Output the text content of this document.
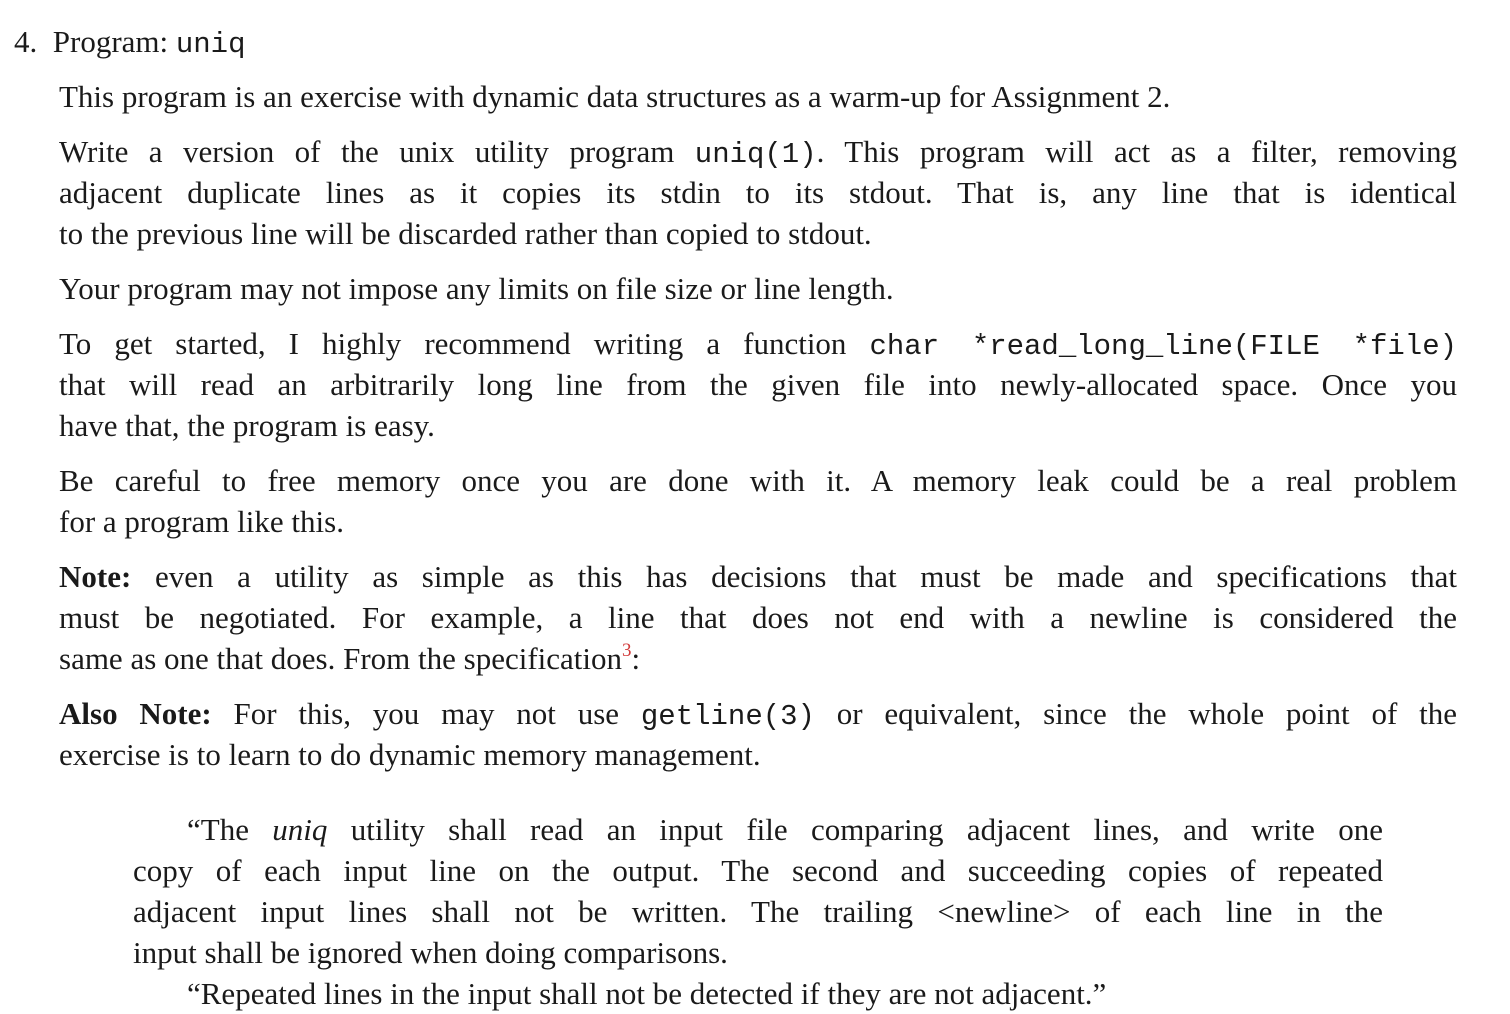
4. Program: uniq
This program is an exercise with dynamic data structures as a warm-up for Assignment 2.
Write a version of the unix utility program uniq(1). This program will act as a filter, removing
adjacent duplicate lines as it copies its stdin to its stdout. That is, any line that is identical
to the previous line will be discarded rather than copied to stdout.
Your program may not impose any limits on file size or line length.
To get started, I highly recommend writing a function char *read_long_line(FILE *file)
that will read an arbitrarily long line from the given file into newly-allocated space. Once you
have that, the program is easy.
Be careful to free memory once you are done with it. A memory leak could be a real problem
for a program like this.
Note: even a utility as simple as this has decisions that must be made and specifications that
must be negotiated. For example, a line that does not end with a newline is considered the
same as one that does. From the specification$^3$:
Also Note: For this, you may not use getline(3) or equivalent, since the whole point of the
exercise is to learn to do dynamic memory management.
“The uniq utility shall read an input file comparing adjacent lines, and write one
copy of each input line on the output. The second and succeeding copies of repeated
adjacent input lines shall not be written. The trailing <newline> of each line in the
input shall be ignored when doing comparisons.
“Repeated lines in the input shall not be detected if they are not adjacent.”
